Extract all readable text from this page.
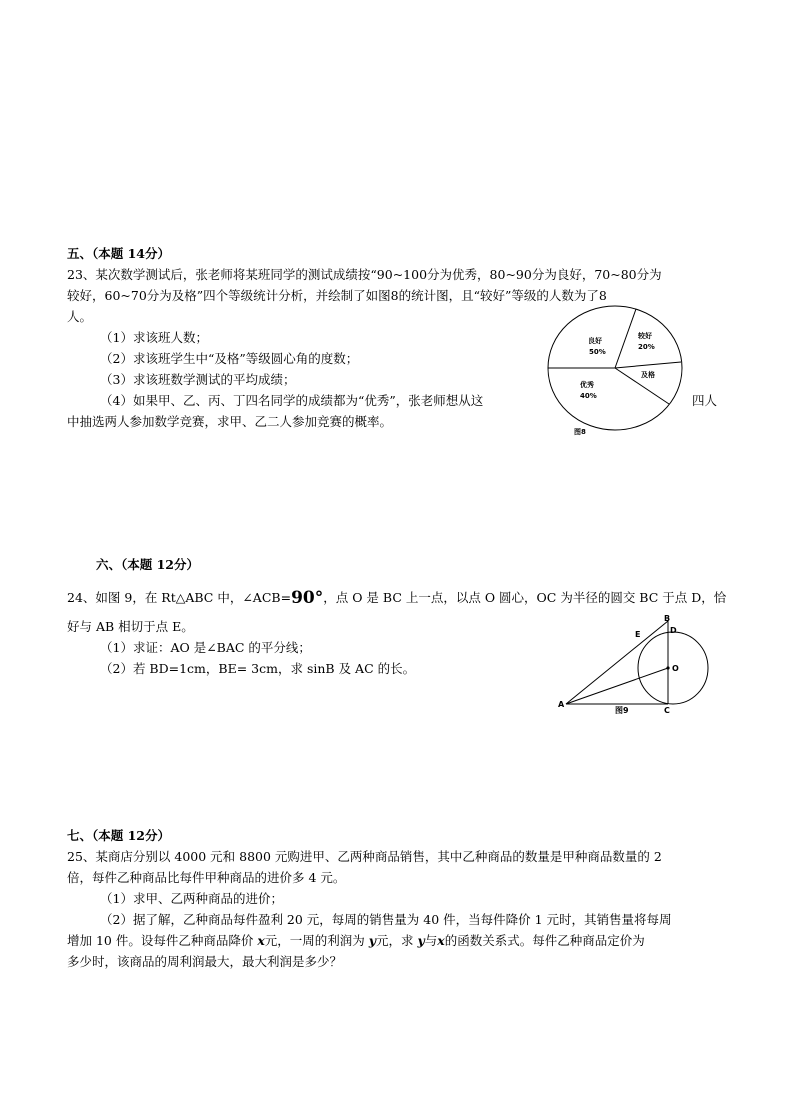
五、（本题 14分）
23、某次数学测试后，张老师将某班同学的测试成绩按“90~100分为优秀，80~90分为良好，70~80分为
较好，60~70分为及格”四个等级统计分析，并绘制了如图8的统计图，且“较好”等级的人数为了8
人。
（1）求该班人数；
（2）求该班学生中“及格”等级圆心角的度数；
（3）求该班数学测试的平均成绩；
（4）如果甲、乙、丙、丁四名同学的成绩都为“优秀”，张老师想从这	四人
中抽选两人参加数学竞赛，求甲、乙二人参加竞赛的概率。
良好
50%
较好
20%
及格
优秀
40%
图8
六、（本题 12分）
24、如图 9，在 Rt△ABC 中，∠ACB=90°，点 O 是 BC 上一点，以点 O 圆心，OC 为半径的圆交 BC 于点 D，恰
好与 AB 相切于点 E。
（1）求证：AO 是∠BAC 的平分线；
（2）若 BD=1cm，BE= 3cm，求 sinB 及 AC 的长。
B
D
E
O
A
C
图9
七、（本题 12分）
25、某商店分别以 4000 元和 8800 元购进甲、乙两种商品销售，其中乙种商品的数量是甲种商品数量的 2
倍，每件乙种商品比每件甲种商品的进价多 4 元。
（1）求甲、乙两种商品的进价；
（2）据了解，乙种商品每件盈利 20 元，每周的销售量为 40 件，当每件降价 1 元时，其销售量将每周
增加 10 件。设每件乙种商品降价 x元，一周的利润为 y元，求 y与x的函数关系式。每件乙种商品定价为
多少时，该商品的周利润最大，最大利润是多少？
